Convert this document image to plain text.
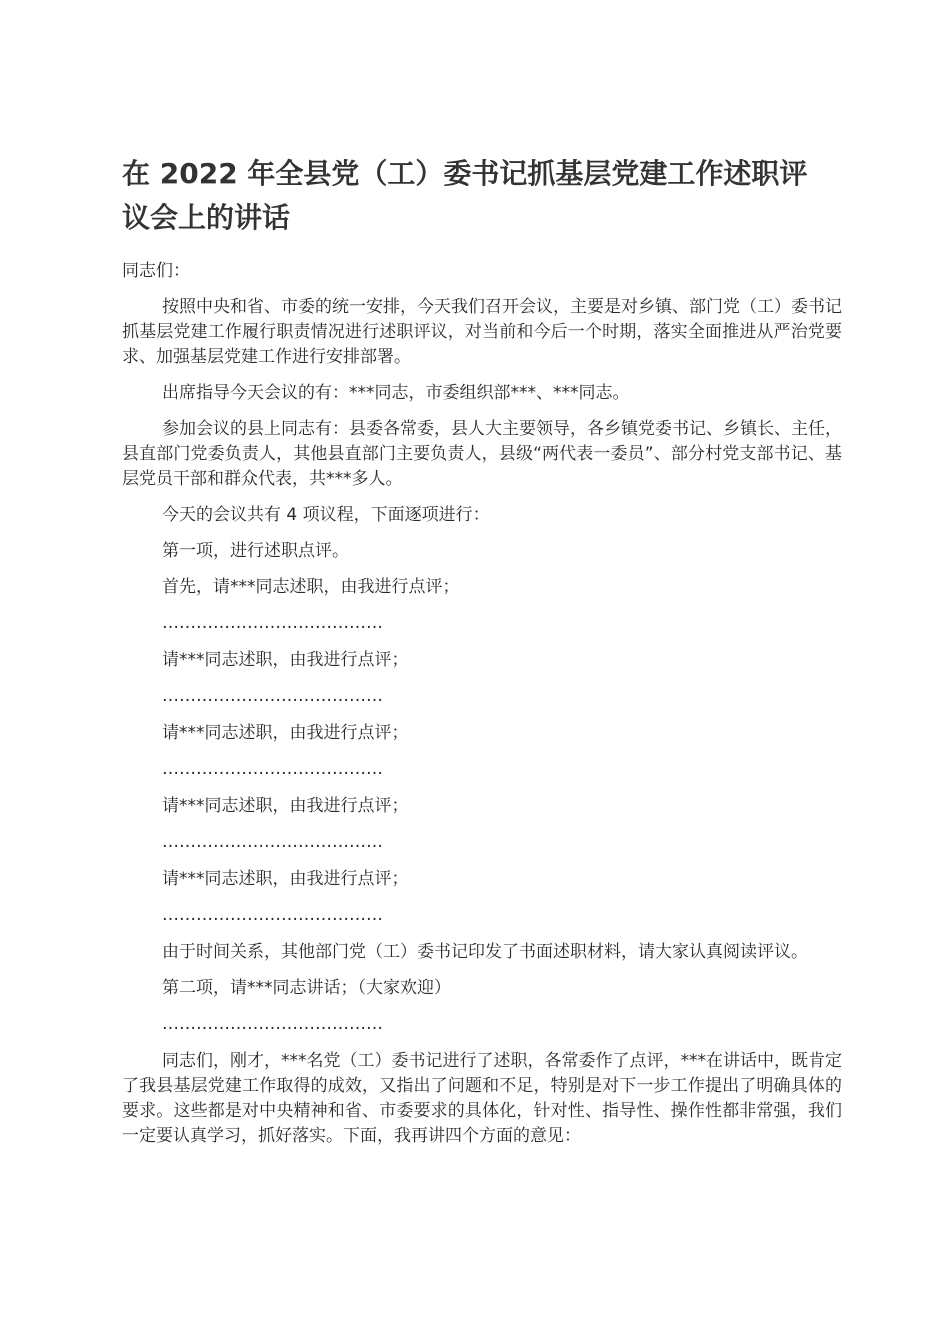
在 2022 年全县党（工）委书记抓基层党建工作述职评议会上的讲话

同志们：

按照中央和省、市委的统一安排，今天我们召开会议，主要是对乡镇、部门党（工）委书记抓基层党建工作履行职责情况进行述职评议，对当前和今后一个时期，落实全面推进从严治党要求、加强基层党建工作进行安排部署。

出席指导今天会议的有：***同志，市委组织部***、***同志。

参加会议的县上同志有：县委各常委，县人大主要领导，各乡镇党委书记、乡镇长、主任，县直部门党委负责人，其他县直部门主要负责人，县级“两代表一委员”、部分村党支部书记、基层党员干部和群众代表，共***多人。

今天的会议共有 4 项议程，下面逐项进行：

第一项，进行述职点评。

首先，请***同志述职，由我进行点评；

…………………………………

请***同志述职，由我进行点评；

…………………………………

请***同志述职，由我进行点评；

…………………………………

请***同志述职，由我进行点评；

…………………………………

请***同志述职，由我进行点评；

…………………………………

由于时间关系，其他部门党（工）委书记印发了书面述职材料，请大家认真阅读评议。

第二项，请***同志讲话；（大家欢迎）

…………………………………

同志们，刚才，***名党（工）委书记进行了述职，各常委作了点评，***在讲话中，既肯定了我县基层党建工作取得的成效，又指出了问题和不足，特别是对下一步工作提出了明确具体的要求。这些都是对中央精神和省、市委要求的具体化，针对性、指导性、操作性都非常强，我们一定要认真学习，抓好落实。下面，我再讲四个方面的意见：
